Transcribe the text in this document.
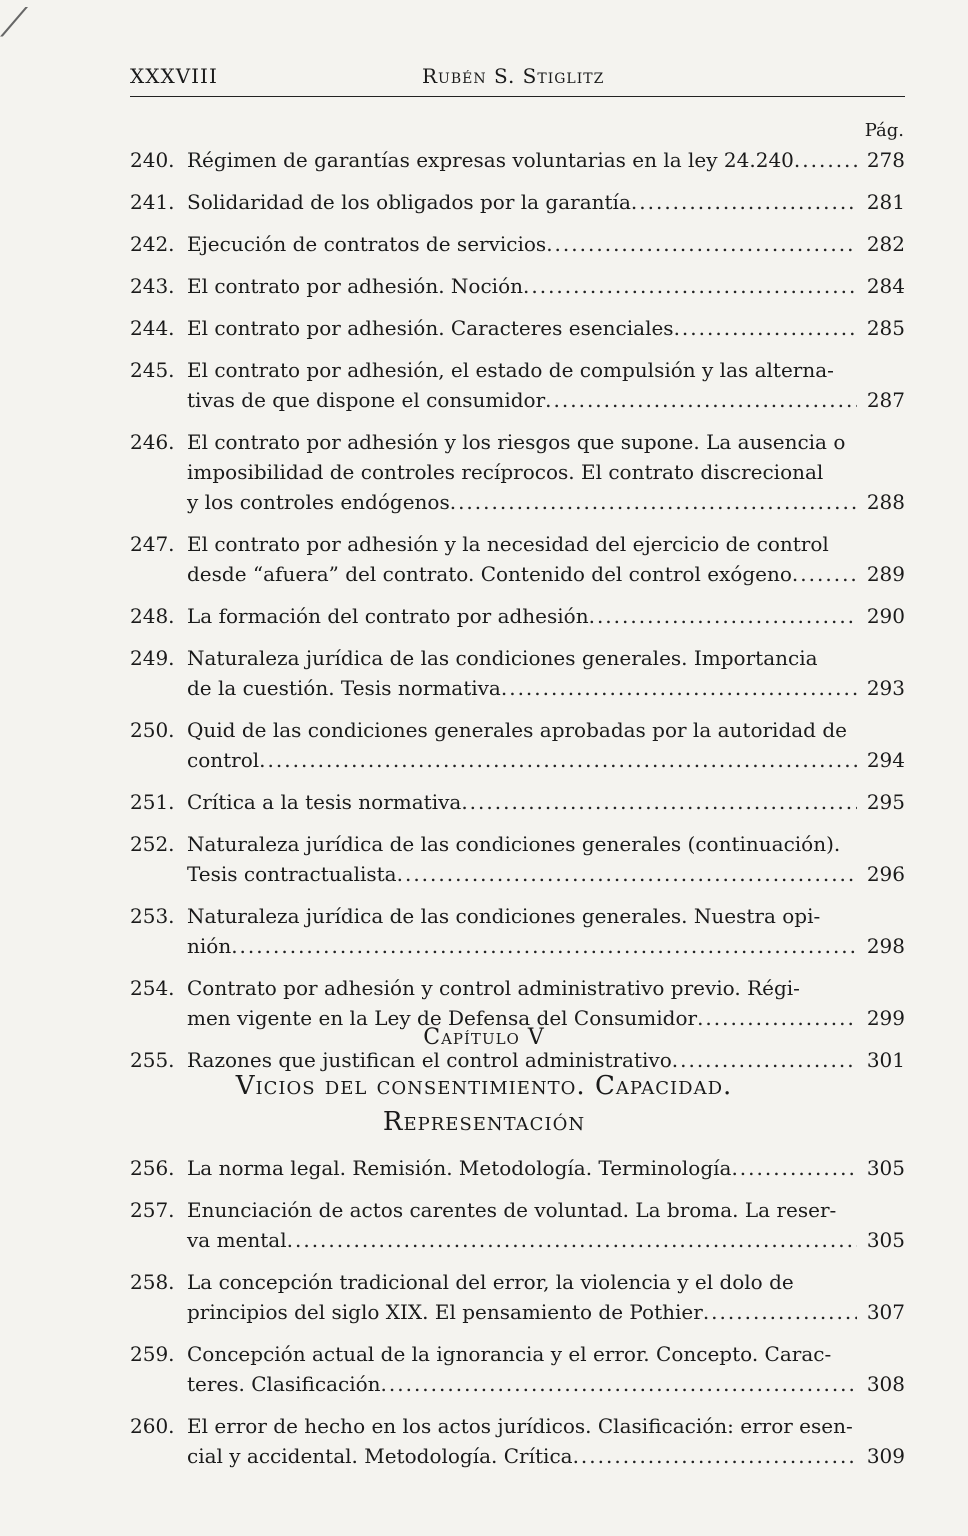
⟋
XXXVIII	Rubén S. Stiglitz
Pág.
240. Régimen de garantías expresas voluntarias en la ley 24.240 .....	278
241. Solidaridad de los obligados por la garantía .....	281
242. Ejecución de contratos de servicios .....	282
243. El contrato por adhesión. Noción .....	284
244. El contrato por adhesión. Caracteres esenciales .....	285
245. El contrato por adhesión, el estado de compulsión y las alterna-
tivas de que dispone el consumidor .....	287
246. El contrato por adhesión y los riesgos que supone. La ausencia o
imposibilidad de controles recíprocos. El contrato discrecional
y los controles endógenos .....	288
247. El contrato por adhesión y la necesidad del ejercicio de control
desde “afuera” del contrato. Contenido del control exógeno .....	289
248. La formación del contrato por adhesión .....	290
249. Naturaleza jurídica de las condiciones generales. Importancia
de la cuestión. Tesis normativa .....	293
250. Quid de las condiciones generales aprobadas por la autoridad de
control .....	294
251. Crítica a la tesis normativa .....	295
252. Naturaleza jurídica de las condiciones generales (continuación).
Tesis contractualista .....	296
253. Naturaleza jurídica de las condiciones generales. Nuestra opi-
nión .....	298
254. Contrato por adhesión y control administrativo previo. Régi-
men vigente en la Ley de Defensa del Consumidor .....	299
255. Razones que justifican el control administrativo .....	301
Capítulo V
Vicios del consentimiento. Capacidad.
Representación
256. La norma legal. Remisión. Metodología. Terminología .....	305
257. Enunciación de actos carentes de voluntad. La broma. La reser-
va mental .....	305
258. La concepción tradicional del error, la violencia y el dolo de
principios del siglo XIX. El pensamiento de Pothier .....	307
259. Concepción actual de la ignorancia y el error. Concepto. Carac-
teres. Clasificación .....	308
260. El error de hecho en los actos jurídicos. Clasificación: error esen-
cial y accidental. Metodología. Crítica .....	309
